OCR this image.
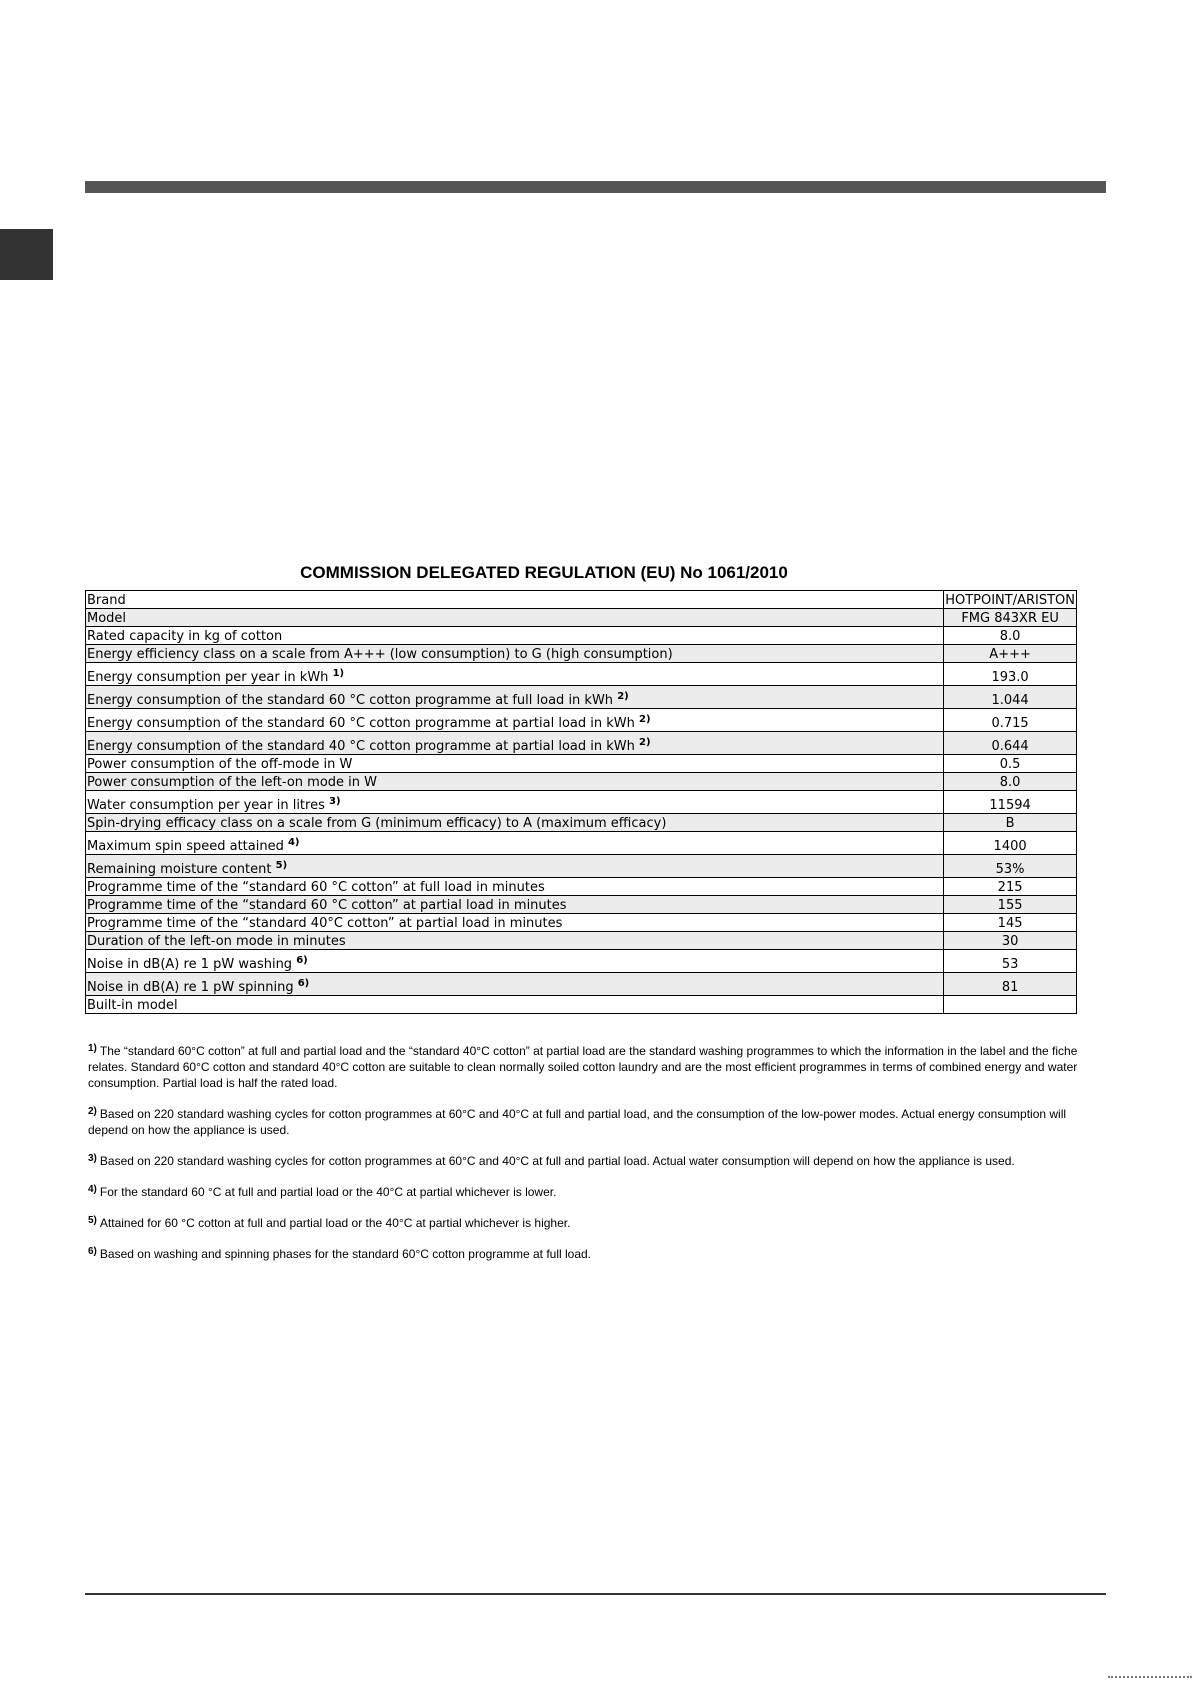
COMMISSION DELEGATED REGULATION (EU) No 1061/2010
Brand	HOTPOINT/ARISTON
Model	FMG 843XR EU
Rated capacity in kg of cotton	8.0
Energy efficiency class on a scale from A+++ (low consumption) to G (high consumption)	A+++
Energy consumption per year in kWh $^{1)}$	193.0
Energy consumption of the standard 60 °C cotton programme at full load in kWh $^{2)}$	1.044
Energy consumption of the standard 60 °C cotton programme at partial load in kWh $^{2)}$	0.715
Energy consumption of the standard 40 °C cotton programme at partial load in kWh $^{2)}$	0.644
Power consumption of the off-mode in W	0.5
Power consumption of the left-on mode in W	8.0
Water consumption per year in litres $^{3)}$	11594
Spin-drying efficacy class on a scale from G (minimum efficacy) to A (maximum efficacy)	B
Maximum spin speed attained $^{4)}$	1400
Remaining moisture content $^{5)}$	53%
Programme time of the “standard 60 °C cotton” at full load in minutes	215
Programme time of the “standard 60 °C cotton” at partial load in minutes	155
Programme time of the “standard 40°C cotton” at partial load in minutes	145
Duration of the left-on mode in minutes	30
Noise in dB(A) re 1 pW washing $^{6)}$	53
Noise in dB(A) re 1 pW spinning $^{6)}$	81
Built-in model	

$^{1)}$ The “standard 60°C cotton” at full and partial load and the “standard 40°C cotton” at partial load are the standard washing programmes to which the information in the label and the fiche relates. Standard 60°C cotton and standard 40°C cotton are suitable to clean normally soiled cotton laundry and are the most efficient programmes in terms of combined energy and water consumption. Partial load is half the rated load.

$^{2)}$ Based on 220 standard washing cycles for cotton programmes at 60°C and 40°C at full and partial load, and the consumption of the low-power modes. Actual energy consumption will depend on how the appliance is used.

$^{3)}$ Based on 220 standard washing cycles for cotton programmes at 60°C and 40°C at full and partial load. Actual water consumption will depend on how the appliance is used.

$^{4)}$ For the standard 60 °C at full and partial load or the 40°C at partial whichever is lower.

$^{5)}$ Attained for 60 °C cotton at full and partial load or the 40°C at partial whichever is higher.

$^{6)}$ Based on washing and spinning phases for the standard 60°C cotton programme at full load.
